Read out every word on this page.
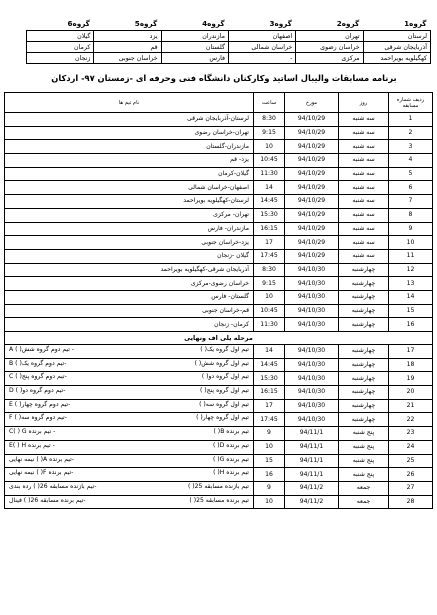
گروه1	گروه2	گروه3	گروه4	گروه5	گروه6
لرستان	تهران	اصفهان	مازندران	یزد	گیلان
آذربایجان شرقی	خراسان رضوی	خراسان شمالی	گلستان	قم	کرمان
کهگیلویه بویراحمد	مرکزی	-	فارس	خراسان جنوبی	زنجان
برنامه مسابقات والیبال اساتید وکارکنان دانشگاه فنی وحرفه ای -زمستان ۹۷- اردکان
ردیف شماره مسابقه	روز	مورخ	ساعت	نام تیم ها
1	سه شنبه	94/10/29	8:30	لرستان-آذربایجان شرقی
2	سه شنبه	94/10/29	9:15	تهران-خراسان رضوی
3	سه شنبه	94/10/29	10	مازندران-گلستان
4	سه شنبه	94/10/29	10:45	یزد- قم
5	سه شنبه	94/10/29	11:30	گیلان-کرمان
6	سه شنبه	94/10/29	14	اصفهان-خراسان شمالی
7	سه شنبه	94/10/29	14:45	لرستان-کهگیلویه بویراحمد
8	سه شنبه	94/10/29	15:30	تهران- مرکزی
9	سه شنبه	94/10/29	16:15	مازندران- فارس
10	سه شنبه	94/10/29	17	یزد-خراسان جنوبی
11	سه شنبه	94/10/29	17:45	گیلان -زنجان
12	چهارشنبه	94/10/30	8:30	آذربایجان شرقی-کهگیلویه بویراحمد
13	چهارشنبه	94/10/30	9:15	خراسان رضوی-مرکزی
14	چهارشنبه	94/10/30	10	گلستان- فارس
15	چهارشنبه	94/10/30	10:45	قم-خراسان جنوبی
16	چهارشنبه	94/10/30	11:30	کرمان- زنجان
مرحله یلی اف ونهایی				
17	چهارشنبه	94/10/30	14	تیم اول گروه یک( )
- تیم دوم گروه شش( ) A

18	چهارشنبه	94/10/30	14:45	تیم اول گروه شش( )
-تیم دوم گروه یک( ) B

19	چهارشنبه	94/10/30	15:30	تیم اول گروه دو( )
-تیم دوم گروه پنج( ) C

20	چهارشنبه	94/10/30	16:15	تیم اول گروه پنج( )
-تیم دوم گروه دو( ) D

21	چهارشنبه	94/10/30	17	تیم اول گروه سه( )
-تیم دوم گروه چهار( ) E

22	چهارشنبه	94/10/30	17:45	تیم اول گروه چهار( )
-تیم دوم گروه سه( ) F

23	پنج شنبه	94/11/1	9	تیم برنده B( )
- تیم برنده C( ) G

24	پنج شنبه	94/11/1	10	تیم برنده D( )
- تیم برنده E( ) H

25	پنج شنبه	94/11/1	15	تیم برنده G( )
-تیم برنده A( ) نیمه نهایی

26	پنج شنبه	94/11/1	16	تیم برنده H( )
-تیم برنده F( ) نیمه نهایی

27	جمعه	94/11/2	9	تیم بازنده مسابقه 25( )
-تیم بازنده مسابقه 26( ) رده بندی

28	جمعه	94/11/2	10	تیم برنده مسابقه 25( )
-تیم برنده مسابقه 26( ) فینال
